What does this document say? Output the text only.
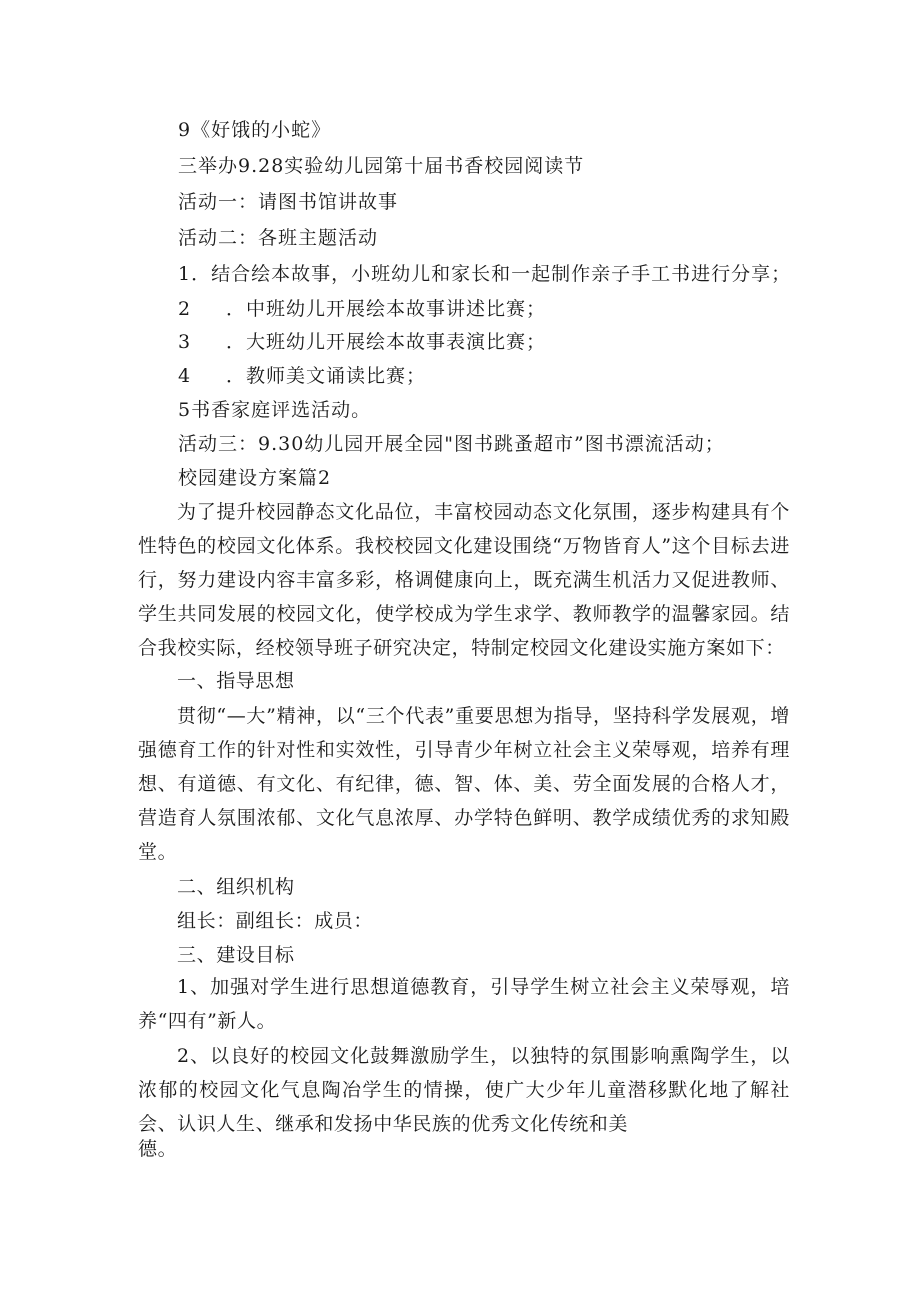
9《好饿的小蛇》
三举办9.28实验幼儿园第十届书香校园阅读节
活动一：请图书馆讲故事
活动二：各班主题活动
1．结合绘本故事，小班幼儿和家长和一起制作亲子手工书进行分享；
2 ．中班幼儿开展绘本故事讲述比赛；
3 ．大班幼儿开展绘本故事表演比赛；
4 ．教师美文诵读比赛；
5书香家庭评选活动。
活动三：9.30幼儿园开展全园"图书跳蚤超市”图书漂流活动；
校园建设方案篇2
为了提升校园静态文化品位，丰富校园动态文化氛围，逐步构建具有个性特色的校园文化体系。我校校园文化建设围绕“万物皆育人”这个目标去进行，努力建设内容丰富多彩，格调健康向上，既充满生机活力又促进教师、学生共同发展的校园文化，使学校成为学生求学、教师教学的温馨家园。结合我校实际，经校领导班子研究决定，特制定校园文化建设实施方案如下：
一、指导思想
贯彻“—大”精神，以“三个代表”重要思想为指导，坚持科学发展观，增强德育工作的针对性和实效性，引导青少年树立社会主义荣辱观，培养有理想、有道德、有文化、有纪律，德、智、体、美、劳全面发展的合格人才，营造育人氛围浓郁、文化气息浓厚、办学特色鲜明、教学成绩优秀的求知殿堂。
二、组织机构
组长：副组长：成员：
三、建设目标
1、加强对学生进行思想道德教育，引导学生树立社会主义荣辱观，培养“四有”新人。
2、以良好的校园文化鼓舞激励学生，以独特的氛围影响熏陶学生，以浓郁的校园文化气息陶冶学生的情操，使广大少年儿童潜移默化地了解社会、认识人生、继承和发扬中华民族的优秀文化传统和美
德。
